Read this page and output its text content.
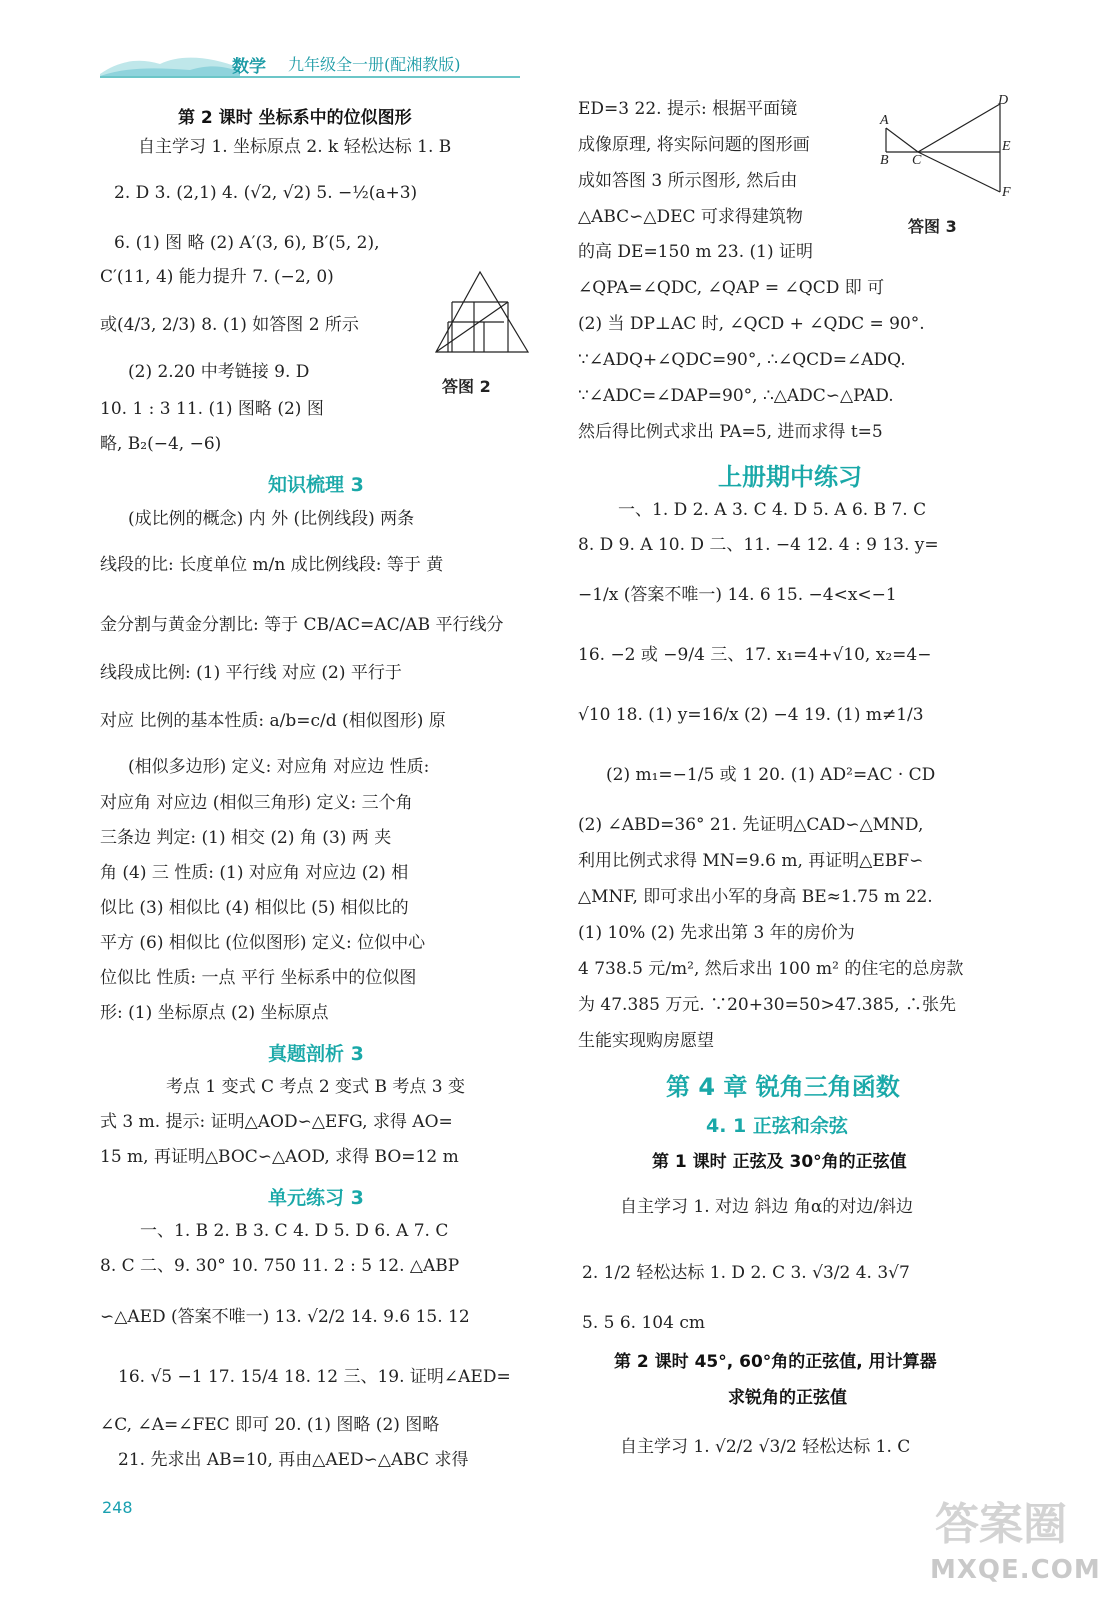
数学 九年级全一册(配湘教版)
第 2 课时 坐标系中的位似图形
自主学习 1. 坐标原点 2. k 轻松达标 1. B
2. D 3. (2,1) 4. (√2, √2) 5. −½(a+3)
6. (1) 图 略 (2) A′(3, 6), B′(5, 2),
C′(11, 4) 能力提升 7. (−2, 0)
或(4/3, 2/3) 8. (1) 如答图 2 所示
(2) 2.20 中考链接 9. D
10. 1 : 3 11. (1) 图略 (2) 图
略, B₂(−4, −6)
知识梳理 3
(成比例的概念) 内 外 (比例线段) 两条
线段的比: 长度单位 m/n 成比例线段: 等于 黄
金分割与黄金分割比: 等于 CB/AC=AC/AB 平行线分
线段成比例: (1) 平行线 对应 (2) 平行于
对应 比例的基本性质: a/b=c/d (相似图形) 原
(相似多边形) 定义: 对应角 对应边 性质:
对应角 对应边 (相似三角形) 定义: 三个角
三条边 判定: (1) 相交 (2) 角 (3) 两 夹
角 (4) 三 性质: (1) 对应角 对应边 (2) 相
似比 (3) 相似比 (4) 相似比 (5) 相似比的
平方 (6) 相似比 (位似图形) 定义: 位似中心
位似比 性质: 一点 平行 坐标系中的位似图
形: (1) 坐标原点 (2) 坐标原点
真题剖析 3
考点 1 变式 C 考点 2 变式 B 考点 3 变
式 3 m. 提示: 证明△AOD∽△EFG, 求得 AO=
15 m, 再证明△BOC∽△AOD, 求得 BO=12 m
单元练习 3
一、1. B 2. B 3. C 4. D 5. D 6. A 7. C
8. C 二、9. 30° 10. 750 11. 2 : 5 12. △ABP
∽△AED (答案不唯一) 13. √2/2 14. 9.6 15. 12
16. √5 −1 17. 15/4 18. 12 三、19. 证明∠AED=
∠C, ∠A=∠FEC 即可 20. (1) 图略 (2) 图略
21. 先求出 AB=10, 再由△AED∽△ABC 求得
答图 2
ED=3 22. 提示: 根据平面镜
成像原理, 将实际问题的图形画
成如答图 3 所示图形, 然后由
△ABC∽△DEC 可求得建筑物
的高 DE=150 m 23. (1) 证明
∠QPA=∠QDC, ∠QAP = ∠QCD 即 可
(2) 当 DP⊥AC 时, ∠QCD + ∠QDC = 90°.
∵∠ADQ+∠QDC=90°, ∴∠QCD=∠ADQ.
∵∠ADC=∠DAP=90°, ∴△ADC∽△PAD.
然后得比例式求出 PA=5, 进而求得 t=5
上册期中练习
一、1. D 2. A 3. C 4. D 5. A 6. B 7. C
8. D 9. A 10. D 二、11. −4 12. 4 : 9 13. y=
−1/x (答案不唯一) 14. 6 15. −4<x<−1
16. −2 或 −9/4 三、17. x₁=4+√10, x₂=4−
√10 18. (1) y=16/x (2) −4 19. (1) m≠1/3
(2) m₁=−1/5 或 1 20. (1) AD²=AC · CD
(2) ∠ABD=36° 21. 先证明△CAD∽△MND,
利用比例式求得 MN=9.6 m, 再证明△EBF∽
△MNF, 即可求出小军的身高 BE≈1.75 m 22.
(1) 10% (2) 先求出第 3 年的房价为
4 738.5 元/m², 然后求出 100 m² 的住宅的总房款
为 47.385 万元. ∵20+30=50>47.385, ∴张先
生能实现购房愿望
第 4 章 锐角三角函数
4. 1 正弦和余弦
第 1 课时 正弦及 30°角的正弦值
自主学习 1. 对边 斜边 角α的对边/斜边
2. 1/2 轻松达标 1. D 2. C 3. √3/2 4. 3√7
5. 5 6. 104 cm
第 2 课时 45°, 60°角的正弦值, 用计算器
求锐角的正弦值
自主学习 1. √2/2 √3/2 轻松达标 1. C
A
B C
D
E
F
答图 3
248	答案圈
MXQE.COM
